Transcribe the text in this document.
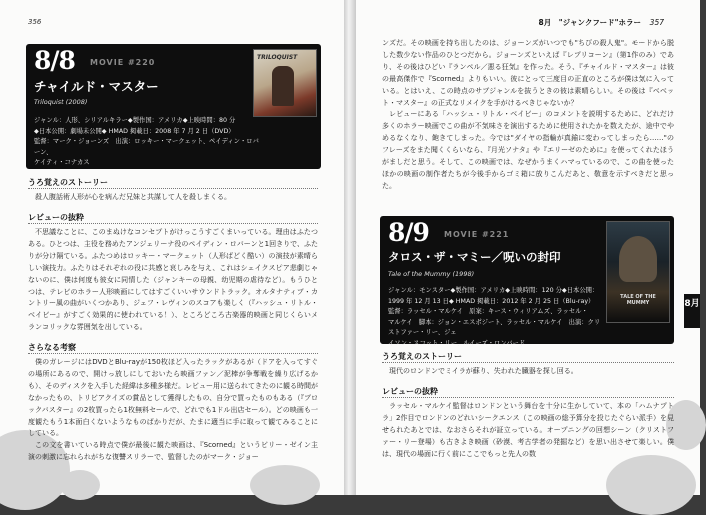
356
8/8 MOVIE #220
チャイルド・マスター
Triloquist (2008)
ジャンル：人形、シリアルキラー◆製作国：アメリカ◆上映時間：80 分
◆日本公開：劇場未公開◆ HMAD 掲載日：2008 年 7 月 2 日（DVD）
監督：マーク・ジョーンズ　出演：ロッキー・マークェット、ペイディン・ロバーン、
ケイティ・コナカス
TRILOQUIST
うろ覚えのストーリー

殺人腹話術人形が心を病んだ兄妹と共謀して人を殺しまくる。

レビューの抜粋

不思議なことに、このまぬけなコンセプトがけっこうすごくまいっている。理由はふたつある。ひとつは、主役を務めたアンジェリーナ役のペイディン・ロバーンと1回きりで、ふたりが分け隔ている。ふたつめはロッキー・マークェット（人形ばどく酷い）の演技が素晴らしい演技力。ふたりはそれぞれの役に共感と哀しみを与え、これはシェイクスピア悲劇じゃないのに、僕は何度も彼女に同情した（ジャンキーの母親、幼児期の虐待など）。もうひとつは、テレビのホラー人形映画にしてはすごくいいサウンドトラック。オルタナティブ・カントリー風の曲がいくつかあり、ジェフ・レヴィンのスコアも楽しく（『ハッシュ・リトル・ベイビー』がすごく効果的に使われている！）、ところどころ古楽器的映画と同じくらいメランコリックな雰囲気を出している。

さらなる考察

僕のガレージにはDVDとBlu-rayが150枚ほど入ったラックがあるが（ドアを入ってすぐの場所にあるので、開けっ放しにしておいたら映画ファン／泥棒が争奪戦を繰り広げるかも）、そのディスクを入手した経緯は多種多様だ。レビュー用に送られてきたのに観る時間がなかったもの、トリビアクイズの賞品として獲得したもの、自分で買ったものもある（『ブロックバスター』の2枚買ったら1枚無料セールで、どれでも1ドル出店セール）。どの映画も一度観たもう1本面白くないようなものばかりだが、たまに適当に手に取って観てみることにしている。

この文を書いている時点で僕が最後に観た映画は、『Scorned』というビリー・ゼイン主演の刺激に忘れられがちな復讐スリラーで、監督したのがマーク・ジョー

8月　"ジャンクフード"ホラー 357

ンズだ。その映画を持ち出したのは、ジョーンズがいつでも"ちびの殺人鬼"。モードから脱した数少ない作品のひとつだから。ジョーンズといえば『レプリコーン』（第1作のみ）であり、その後はひどい『ランペル／悪る狂気』を作った。そう、『チャイルド・マスター』は彼の最高傑作で『Scorned』よりもいい。彼にとって三度目の正直のところが僕は気に入っている。とはいえ、この時点のサブジャンルを抜うときの彼は素晴らしい。その後は『ベベット・マスター』の正式なリメイクを手がけるべきじゃないか？

レビューにある「ハッシュ・リトル・ベイビー」のコメントを説明するために、どれだけ多くのホラー映画でこの曲が不気味さを演出するために使用されたかを数えたが、途中でやめるなくなり、飽きてしまった。今では"ダイヤの指輪が真鍮に変わってしまったら……"のフレーズをまた聞くくらいなら、『月光ソナタ』や『エリーゼのために』を使ってくれたほうがましだと思う。そして、この映画では、なぜかうまくハマっているので、この曲を使ったほかの映画の制作者たちが今後手からゴミ箱に放りこんだあと、敬意を示すべきだと思った。

8/9 MOVIE #221
タロス・ザ・マミー／呪いの封印
Tale of the Mummy (1998)
ジャンル：モンスター◆製作国：アメリカ◆上映時間：120 分◆日本公開：
1999 年 12 月 13 日◆ HMAD 掲載日：2012 年 2 月 25 日（Blu-ray）
監督：ラッセル・マルケイ　原案：キース・ウィリアムズ、ラッセル・
マルケイ　脚本：ジョン・エスポジート、ラッセル・マルケイ　出演：クリストファー・リー、ジェ
イソン・スコット・リー、ルイーズ・ロンバード
TALE OF THE MUMMY
うろ覚えのストーリー

現代のロンドンでミイラが蘇り、失われた臓器を探し回る。

レビューの抜粋

ラッセル・マルケイ監督はロンドンという舞台を十分に生かしていて、本の「ハムナプトラ」2作目でロンドンのどれいシークエンス（この映画の総予算分を投じたぐらい派手）を見せられたあとでは、なおさらそれが証立っている。オープニングの回想シーン（クリストファー・リー登場）も古きよき映画（砂漠、考古学者の発掘など）を思い出させて楽しい。僕は、現代の場面に行く前にここでもっと先人の数

8月
